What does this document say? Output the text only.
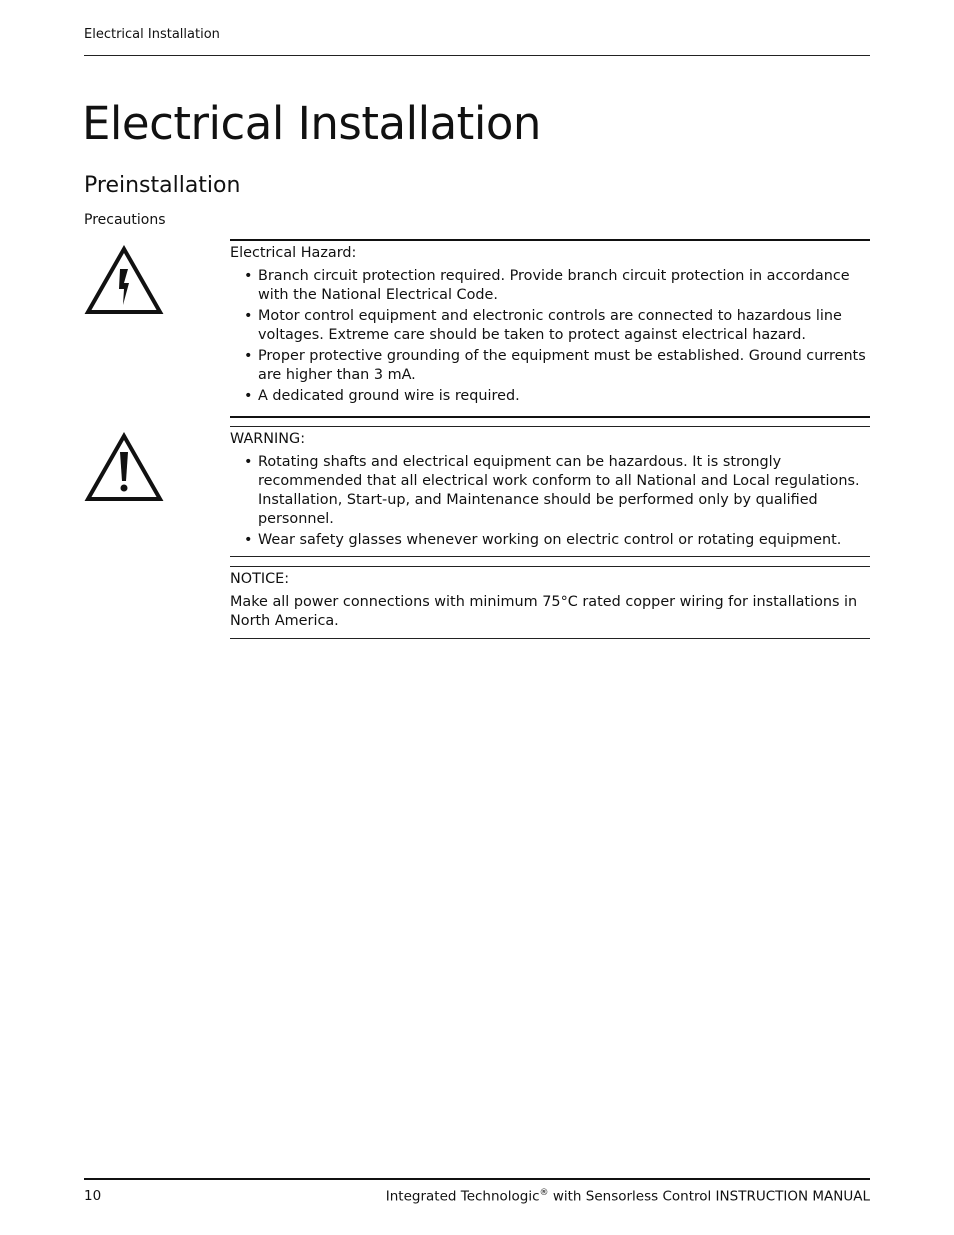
Electrical Installation
Electrical Installation
Preinstallation
Precautions
Electrical Hazard:
• Branch circuit protection required. Provide branch circuit protection in accordance with the National Electrical Code.
• Motor control equipment and electronic controls are connected to hazardous line voltages. Extreme care should be taken to protect against electrical hazard.
• Proper protective grounding of the equipment must be established. Ground currents are higher than 3 mA.
• A dedicated ground wire is required.
WARNING:
• Rotating shafts and electrical equipment can be hazardous. It is strongly recommended that all electrical work conform to all National and Local regulations. Installation, Start-up, and Maintenance should be performed only by qualified personnel.
• Wear safety glasses whenever working on electric control or rotating equipment.
NOTICE:
Make all power connections with minimum 75°C rated copper wiring for installations in North America.
10	Integrated Technologic® with Sensorless Control INSTRUCTION MANUAL
